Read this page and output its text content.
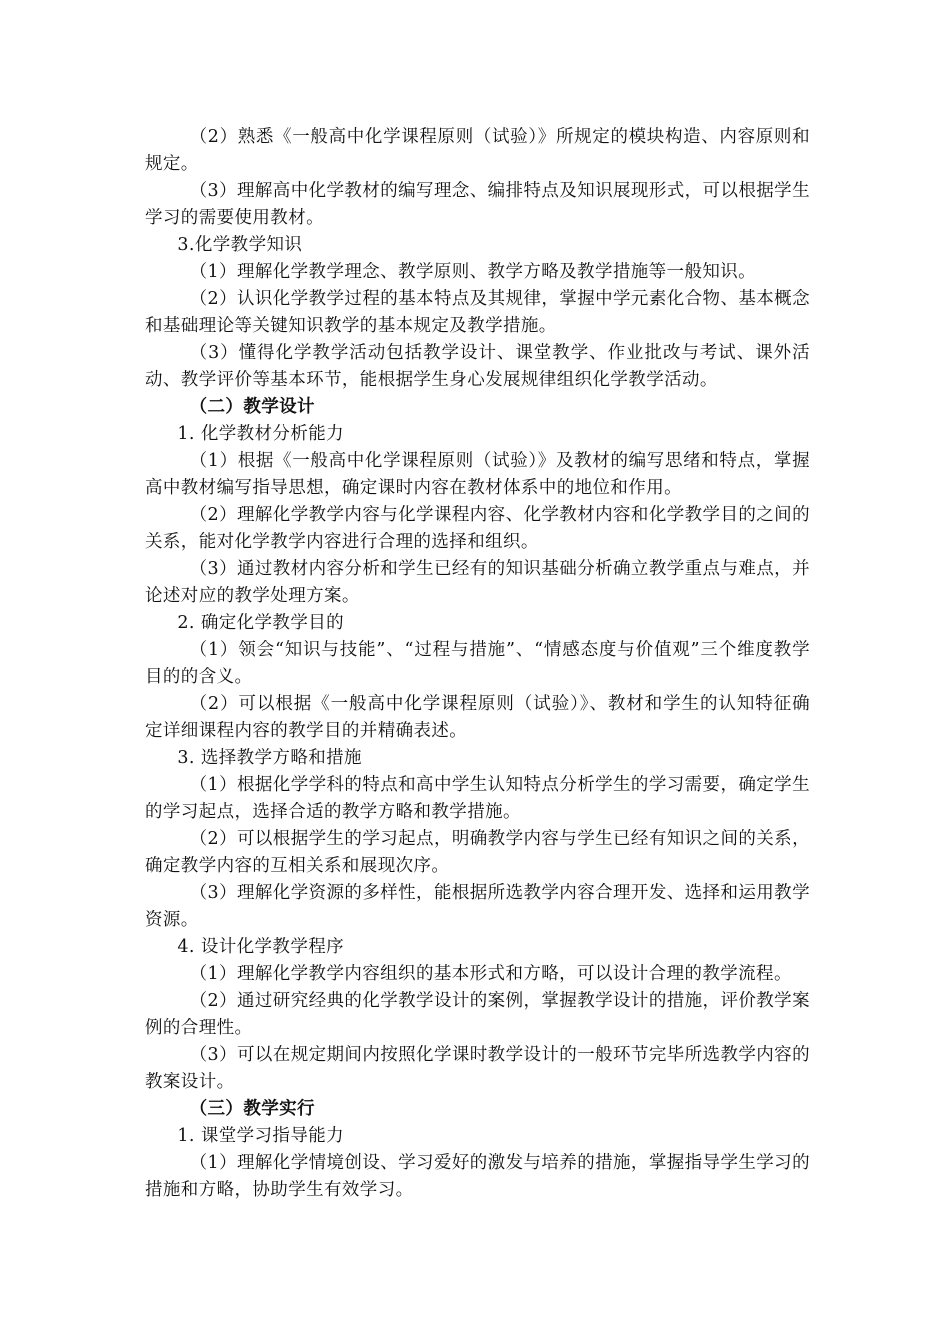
（2）熟悉《一般高中化学课程原则（试验）》所规定的模块构造、内容原则和规定。

（3）理解高中化学教材的编写理念、编排特点及知识展现形式，可以根据学生学习的需要使用教材。

3.化学教学知识

（1）理解化学教学理念、教学原则、教学方略及教学措施等一般知识。

（2）认识化学教学过程的基本特点及其规律，掌握中学元素化合物、基本概念和基础理论等关键知识教学的基本规定及教学措施。

（3）懂得化学教学活动包括教学设计、课堂教学、作业批改与考试、课外活动、教学评价等基本环节，能根据学生身心发展规律组织化学教学活动。

（二）教学设计

1. 化学教材分析能力

（1）根据《一般高中化学课程原则（试验）》及教材的编写思绪和特点，掌握高中教材编写指导思想，确定课时内容在教材体系中的地位和作用。

（2）理解化学教学内容与化学课程内容、化学教材内容和化学教学目的之间的关系，能对化学教学内容进行合理的选择和组织。

（3）通过教材内容分析和学生已经有的知识基础分析确立教学重点与难点，并论述对应的教学处理方案。

2. 确定化学教学目的

（1）领会“知识与技能”、“过程与措施”、“情感态度与价值观”三个维度教学目的的含义。

（2）可以根据《一般高中化学课程原则（试验）》、教材和学生的认知特征确定详细课程内容的教学目的并精确表述。

3. 选择教学方略和措施

（1）根据化学学科的特点和高中学生认知特点分析学生的学习需要，确定学生的学习起点，选择合适的教学方略和教学措施。

（2）可以根据学生的学习起点，明确教学内容与学生已经有知识之间的关系，确定教学内容的互相关系和展现次序。

（3）理解化学资源的多样性，能根据所选教学内容合理开发、选择和运用教学资源。

4. 设计化学教学程序

（1）理解化学教学内容组织的基本形式和方略，可以设计合理的教学流程。

（2）通过研究经典的化学教学设计的案例，掌握教学设计的措施，评价教学案例的合理性。

（3）可以在规定期间内按照化学课时教学设计的一般环节完毕所选教学内容的教案设计。

（三）教学实行

1. 课堂学习指导能力

（1）理解化学情境创设、学习爱好的激发与培养的措施，掌握指导学生学习的措施和方略，协助学生有效学习。
